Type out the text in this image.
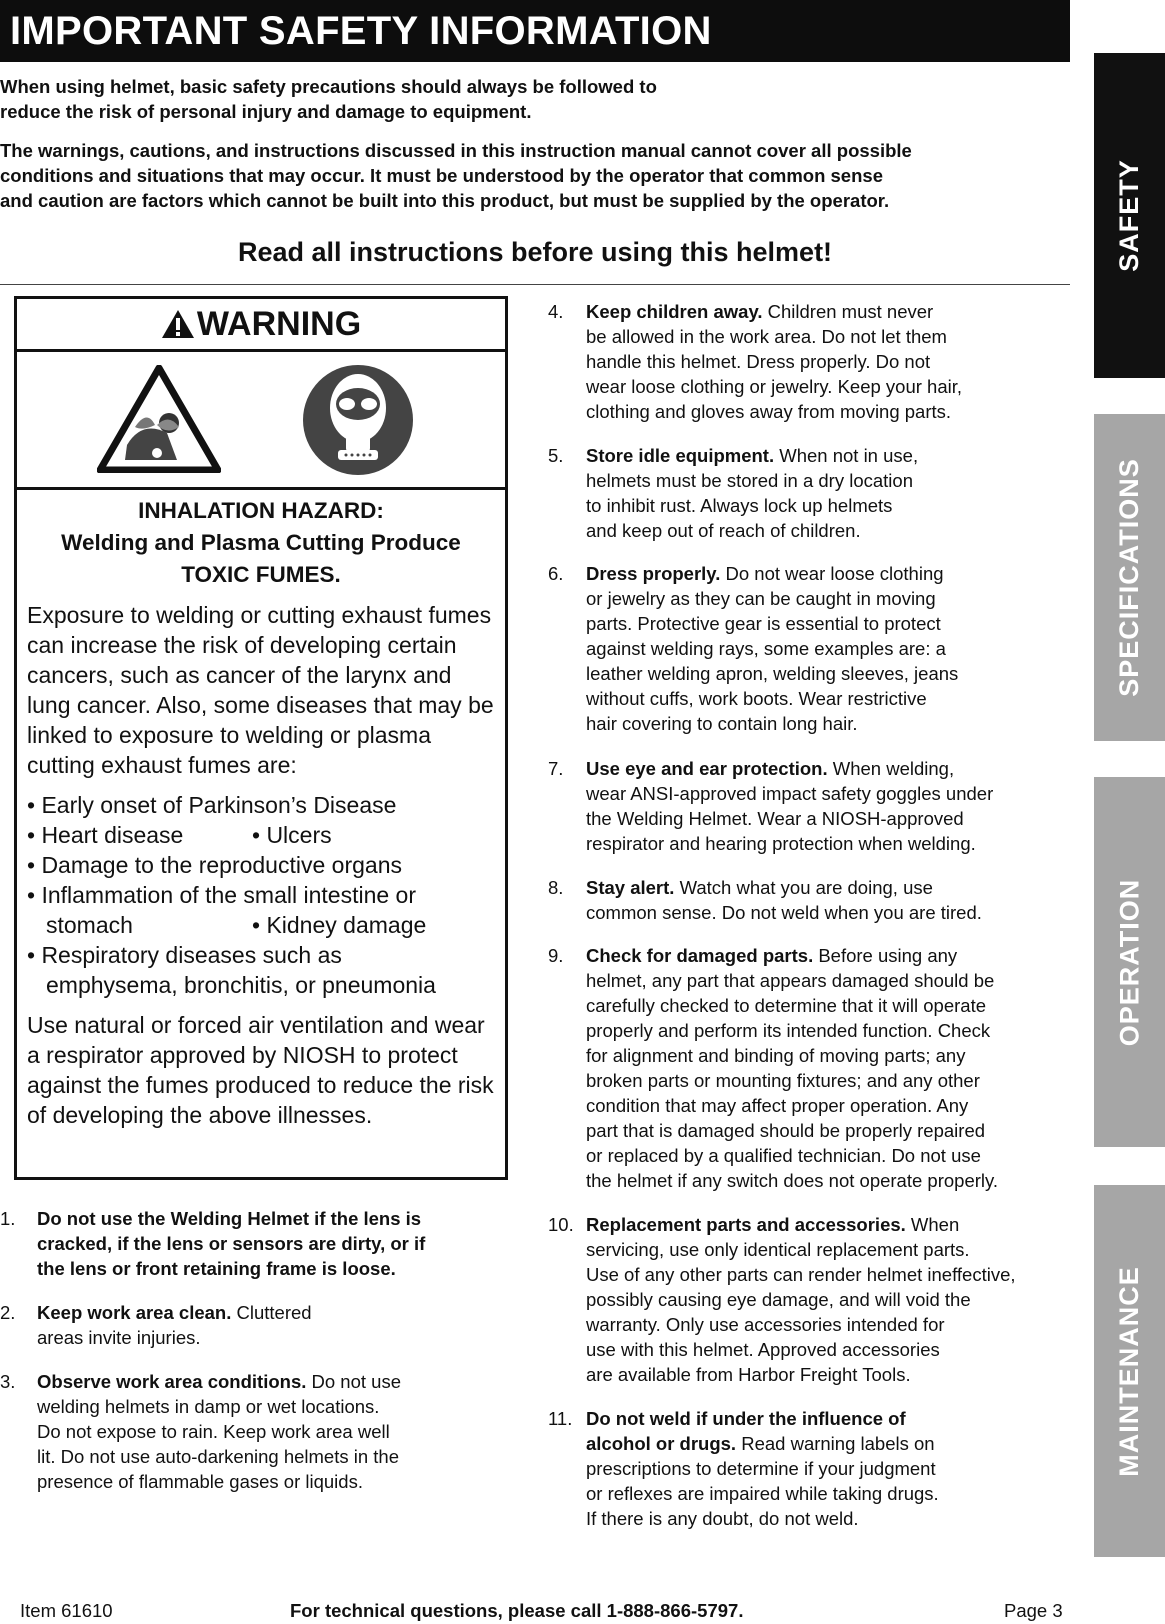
IMPORTANT SAFETY INFORMATION

When using helmet, basic safety precautions should always be followed to
reduce the risk of personal injury and damage to equipment.

The warnings, cautions, and instructions discussed in this instruction manual cannot cover all possible
conditions and situations that may occur. It must be understood by the operator that common sense
and caution are factors which cannot be built into this product, but must be supplied by the operator.

Read all instructions before using this helmet!	SAFETY
SPECIFICATIONS
OPERATION
MAINTENANCE
WARNING
INHALATION HAZARD:
Welding and Plasma Cutting Produce
TOXIC FUMES.

Exposure to welding or cutting exhaust fumes can increase the risk of developing certain cancers, such as cancer of the larynx and lung cancer. Also, some diseases that may be linked to exposure to welding or plasma cutting exhaust fumes are:

• Early onset of Parkinson’s Disease
• Heart disease	• Ulcers
• Damage to the reproductive organs
• Inflammation of the small intestine or
stomach	• Kidney damage
• Respiratory diseases such as
emphysema, bronchitis, or pneumonia

Use natural or forced air ventilation and wear a respirator approved by NIOSH to protect against the fumes produced to reduce the risk of developing the above illnesses.

1. Do not use the Welding Helmet if the lens is
cracked, if the lens or sensors are dirty, or if
the lens or front retaining frame is loose.
2. Keep work area clean. Cluttered
areas invite injuries.
3. Observe work area conditions. Do not use
welding helmets in damp or wet locations.
Do not expose to rain. Keep work area well
lit. Do not use auto-darkening helmets in the
presence of flammable gases or liquids.
4. Keep children away. Children must never
be allowed in the work area. Do not let them
handle this helmet. Dress properly. Do not
wear loose clothing or jewelry. Keep your hair,
clothing and gloves away from moving parts.
5. Store idle equipment. When not in use,
helmets must be stored in a dry location
to inhibit rust. Always lock up helmets
and keep out of reach of children.
6. Dress properly. Do not wear loose clothing
or jewelry as they can be caught in moving
parts. Protective gear is essential to protect
against welding rays, some examples are: a
leather welding apron, welding sleeves, jeans
without cuffs, work boots. Wear restrictive
hair covering to contain long hair.
7. Use eye and ear protection. When welding,
wear ANSI-approved impact safety goggles under
the Welding Helmet. Wear a NIOSH-approved
respirator and hearing protection when welding.
8. Stay alert. Watch what you are doing, use
common sense. Do not weld when you are tired.
9. Check for damaged parts. Before using any
helmet, any part that appears damaged should be
carefully checked to determine that it will operate
properly and perform its intended function. Check
for alignment and binding of moving parts; any
broken parts or mounting fixtures; and any other
condition that may affect proper operation. Any
part that is damaged should be properly repaired
or replaced by a qualified technician. Do not use
the helmet if any switch does not operate properly.
10. Replacement parts and accessories. When
servicing, use only identical replacement parts.
Use of any other parts can render helmet ineffective,
possibly causing eye damage, and will void the
warranty. Only use accessories intended for
use with this helmet. Approved accessories
are available from Harbor Freight Tools.
11. Do not weld if under the influence of
alcohol or drugs. Read warning labels on
prescriptions to determine if your judgment
or reflexes are impaired while taking drugs.
If there is any doubt, do not weld.
Item 61610	For technical questions, please call 1-888-866-5797.	Page 3
